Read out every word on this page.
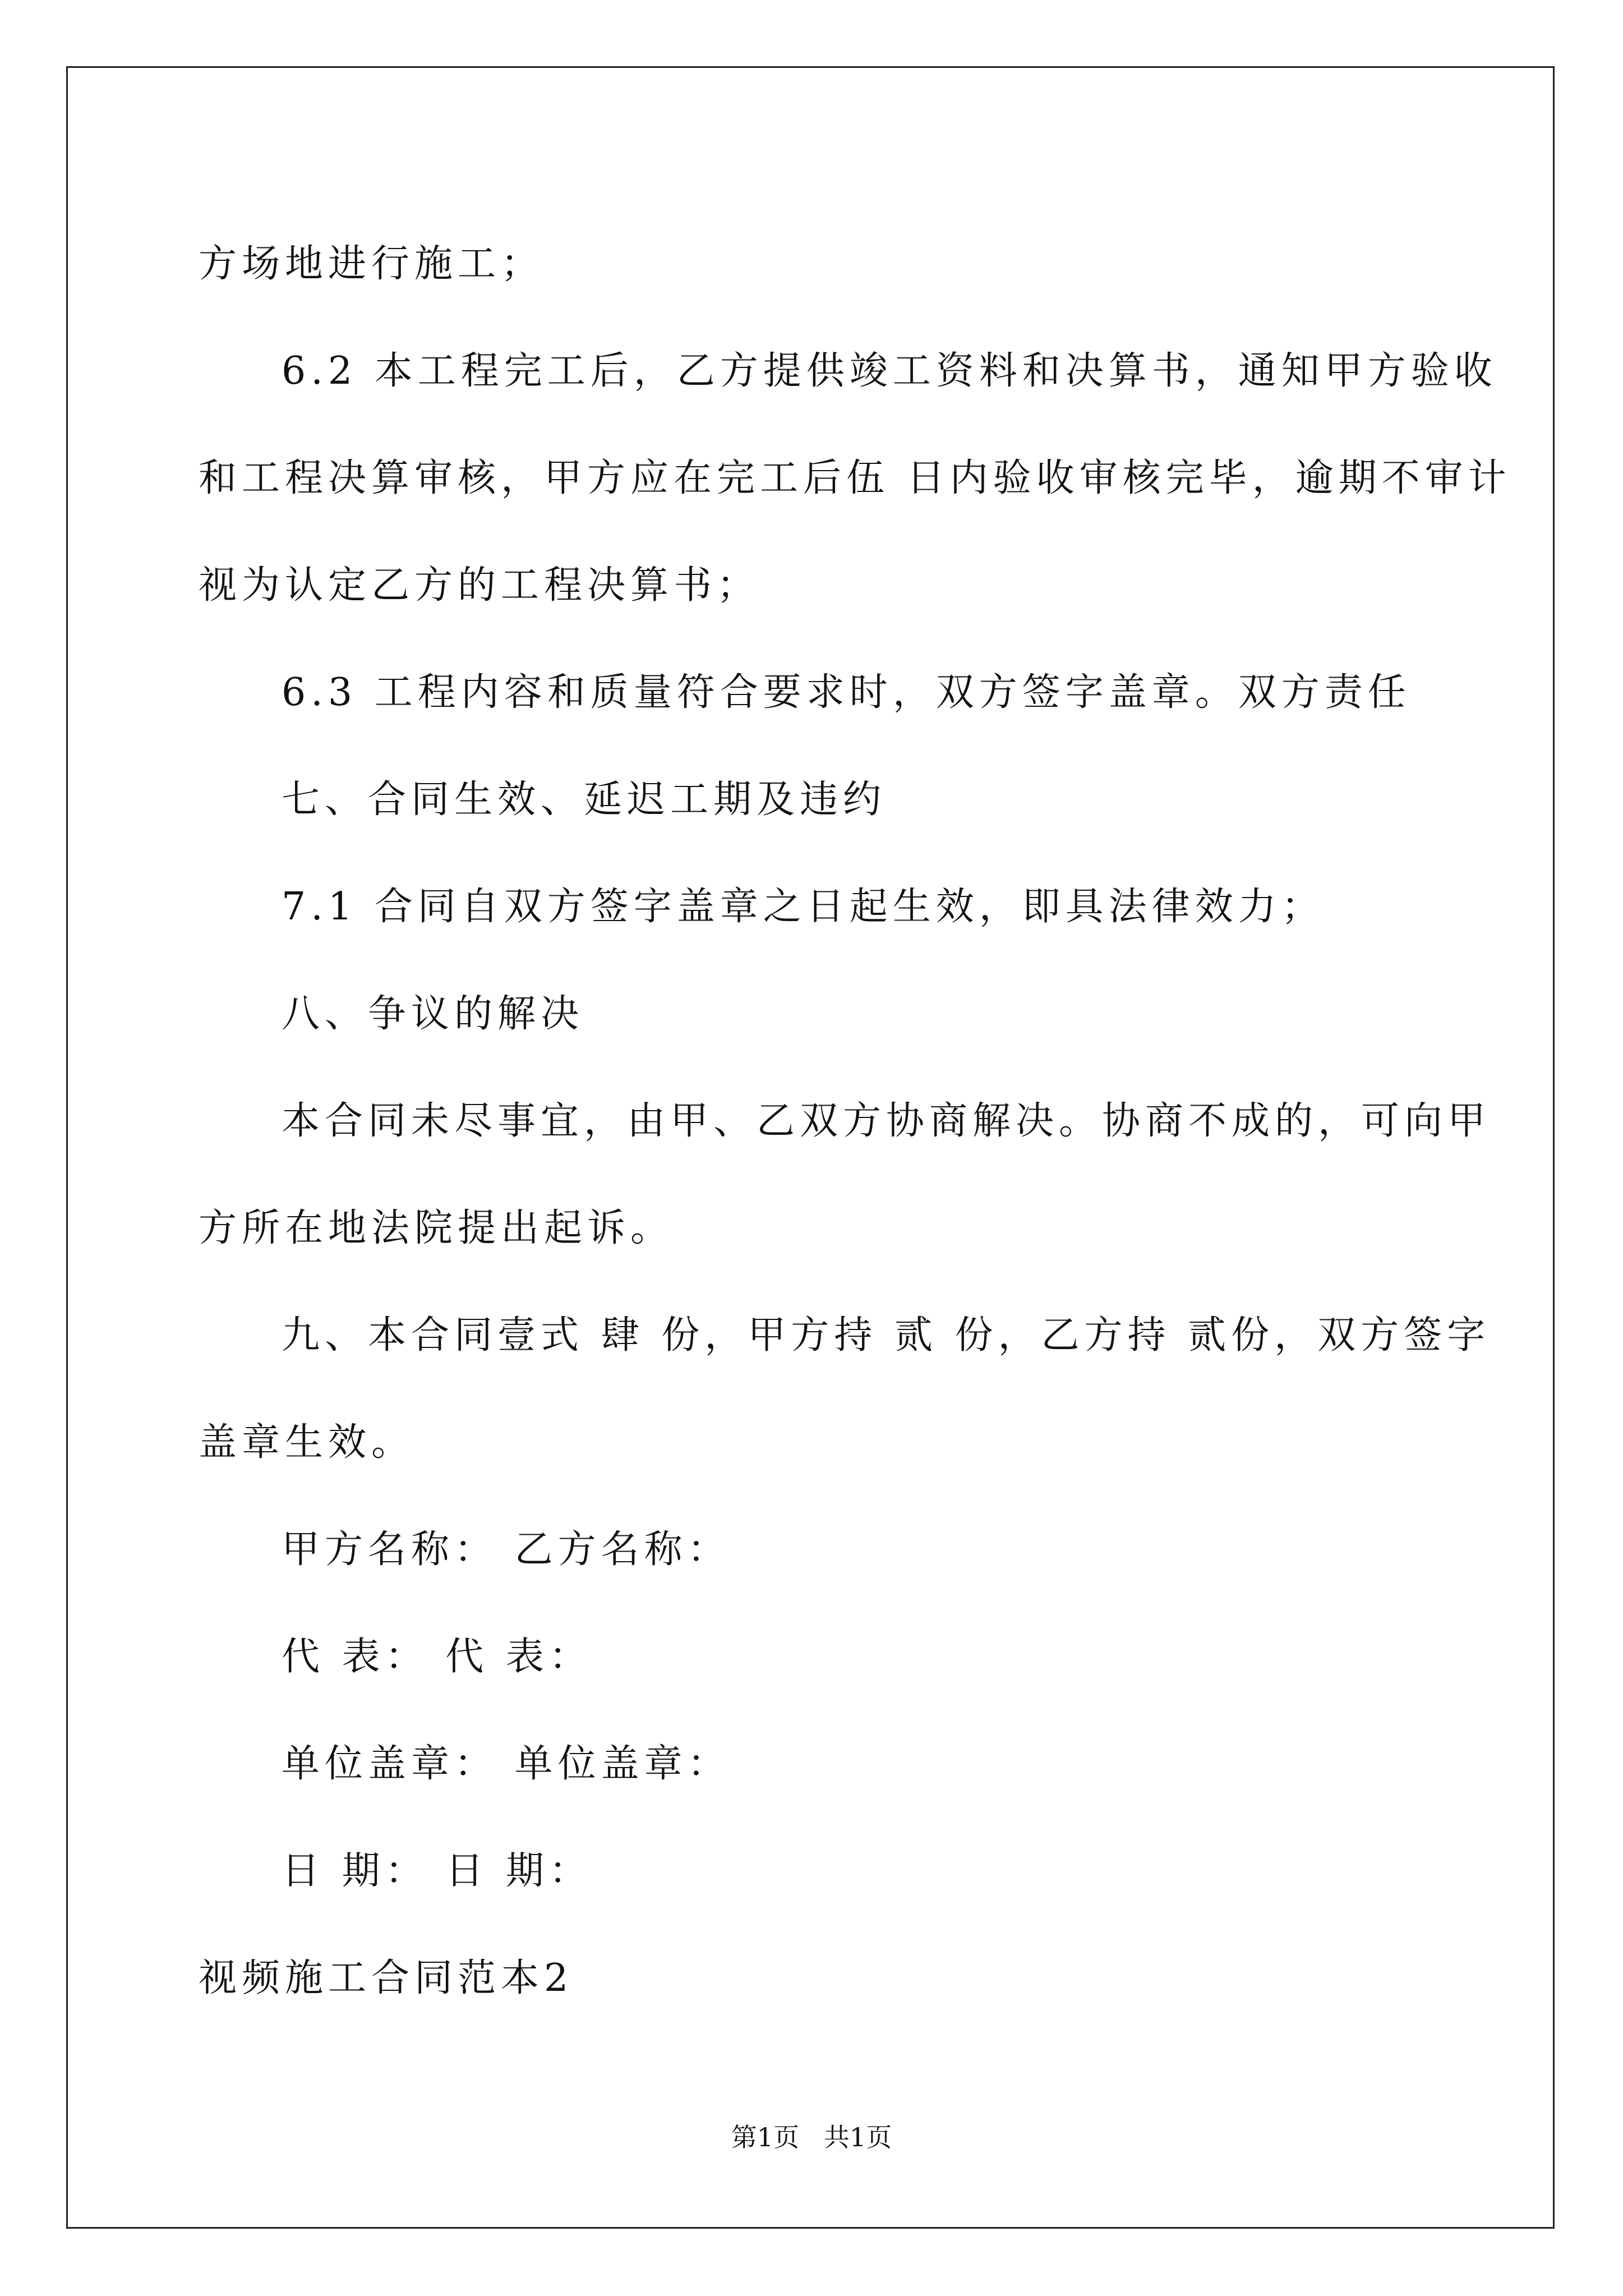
方场地进行施工；
6.2 本工程完工后，乙方提供竣工资料和决算书，通知甲方验收
和工程决算审核，甲方应在完工后伍 日内验收审核完毕，逾期不审计
视为认定乙方的工程决算书；
6.3 工程内容和质量符合要求时，双方签字盖章。双方责任
七、合同生效、延迟工期及违约
7.1 合同自双方签字盖章之日起生效，即具法律效力；
八、争议的解决
本合同未尽事宜，由甲、乙双方协商解决。协商不成的，可向甲
方所在地法院提出起诉。
九、本合同壹式 肆 份，甲方持 贰 份，乙方持 贰份，双方签字
盖章生效。
甲方名称： 乙方名称：
代 表： 代 表：
单位盖章： 单位盖章：
日 期： 日 期：
视频施工合同范本2
第1页   共1页
